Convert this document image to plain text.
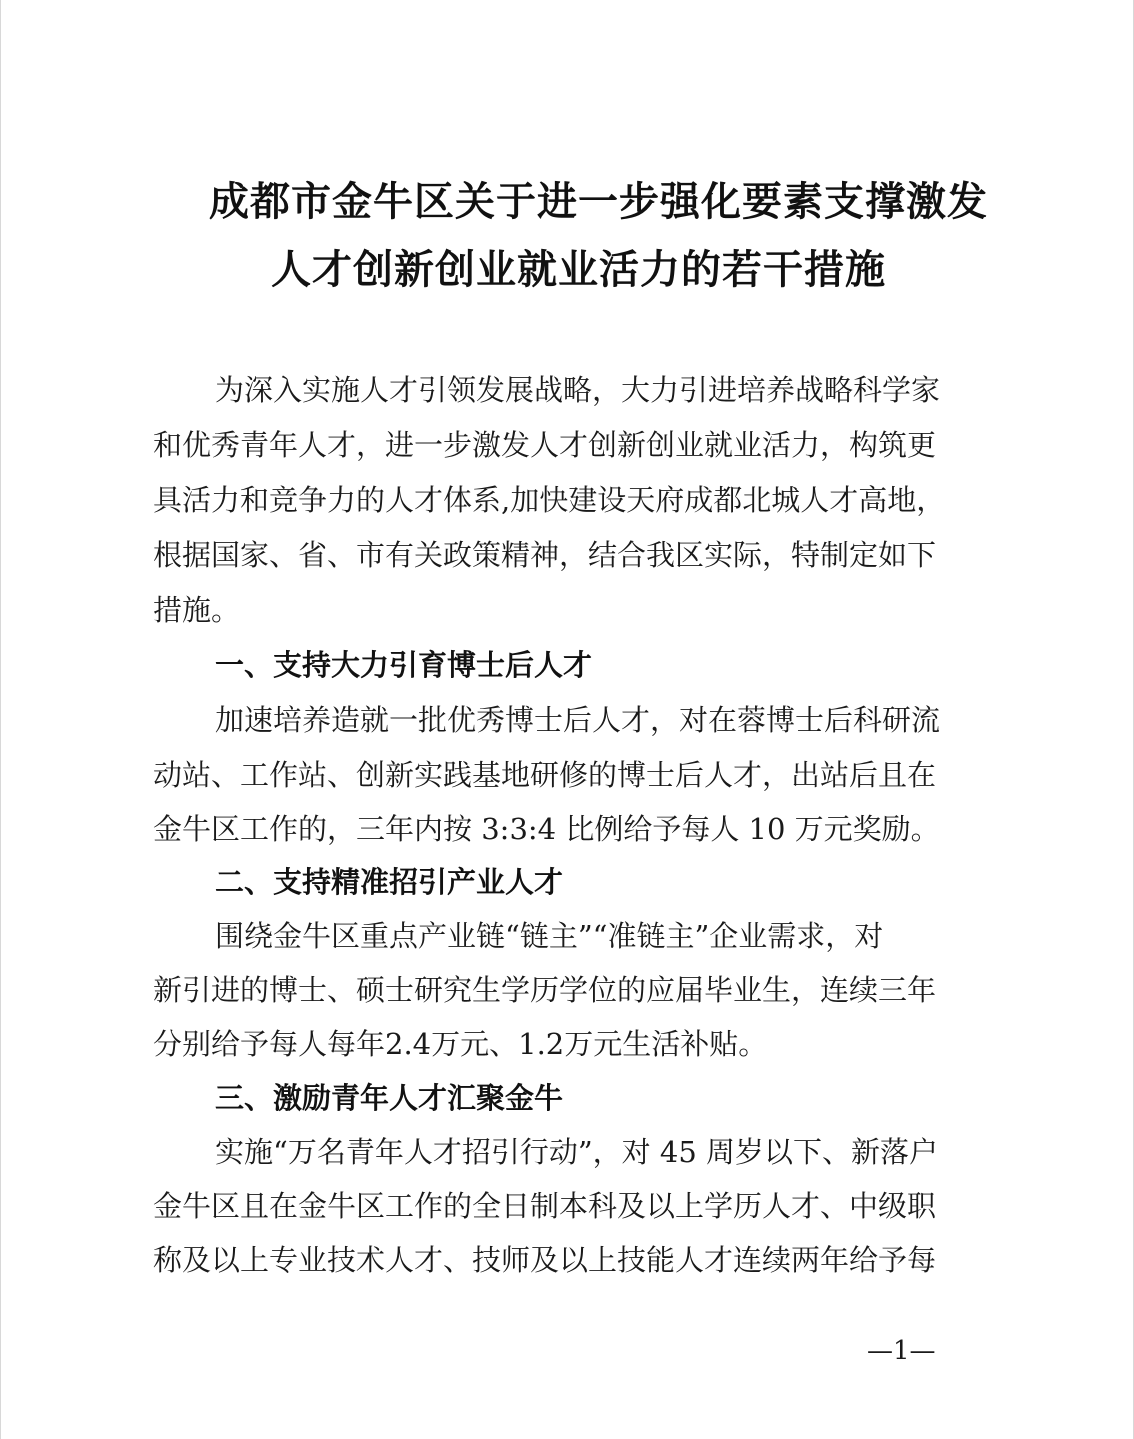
成都市金牛区关于进一步强化要素支撑激发
人才创新创业就业活力的若干措施
为深入实施人才引领发展战略，大力引进培养战略科学家
和优秀青年人才，进一步激发人才创新创业就业活力，构筑更
具活力和竞争力的人才体系,加快建设天府成都北城人才高地，
根据国家、省、市有关政策精神，结合我区实际，特制定如下
措施。
一、支持大力引育博士后人才
加速培养造就一批优秀博士后人才，对在蓉博士后科研流
动站、工作站、创新实践基地研修的博士后人才，出站后且在
金牛区工作的，三年内按 3:3:4 比例给予每人 10 万元奖励。
二、支持精准招引产业人才
围绕金牛区重点产业链“链主”“准链主”企业需求，对
新引进的博士、硕士研究生学历学位的应届毕业生，连续三年
分别给予每人每年2.4万元、1.2万元生活补贴。
三、激励青年人才汇聚金牛
实施“万名青年人才招引行动”，对 45 周岁以下、新落户
金牛区且在金牛区工作的全日制本科及以上学历人才、中级职
称及以上专业技术人才、技师及以上技能人才连续两年给予每
—1—
